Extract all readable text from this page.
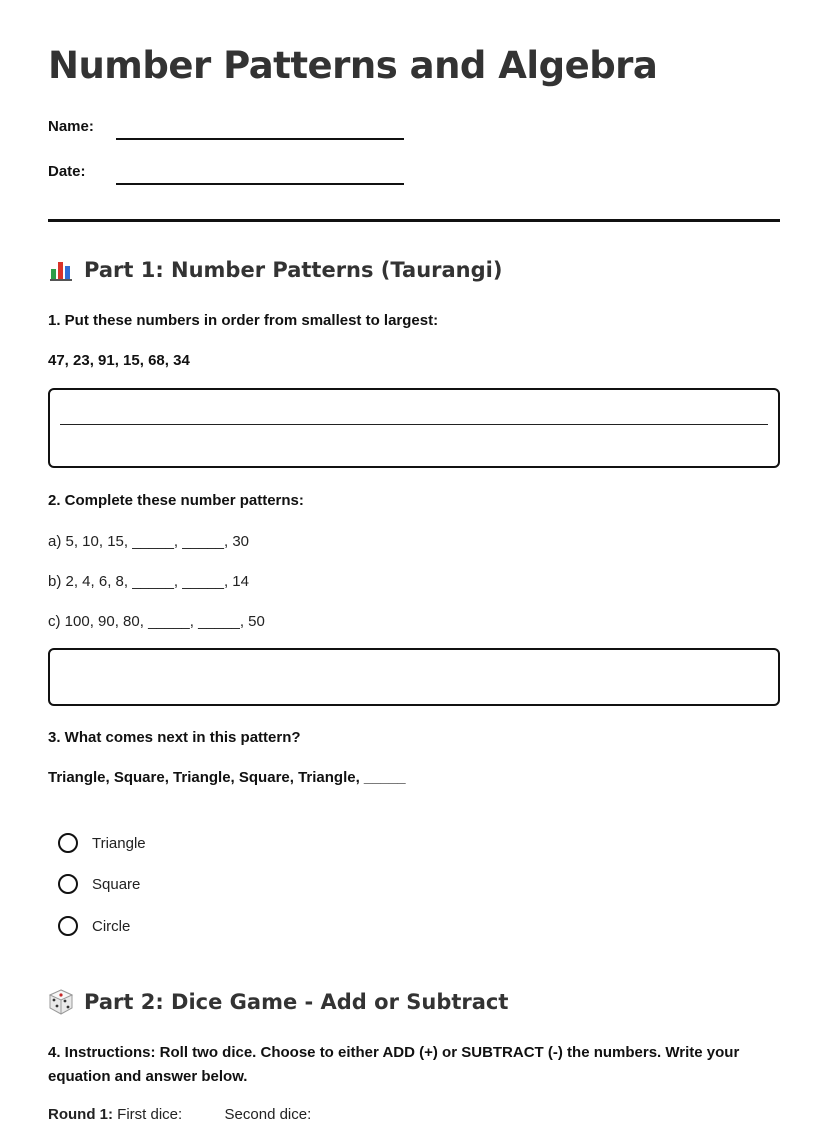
Number Patterns and Algebra
Name:
Date:
Part 1: Number Patterns (Taurangi)
1. Put these numbers in order from smallest to largest:
47, 23, 91, 15, 68, 34
2. Complete these number patterns:
a) 5, 10, 15, _____, _____, 30
b) 2, 4, 6, 8, _____, _____, 14
c) 100, 90, 80, _____, _____, 50
3. What comes next in this pattern?
Triangle, Square, Triangle, Square, Triangle, _____
Triangle
Square
Circle
Part 2: Dice Game - Add or Subtract
4. Instructions: Roll two dice. Choose to either ADD (+) or SUBTRACT (-) the numbers. Write your equation and answer below.
Round 1: First dice:	Second dice:
